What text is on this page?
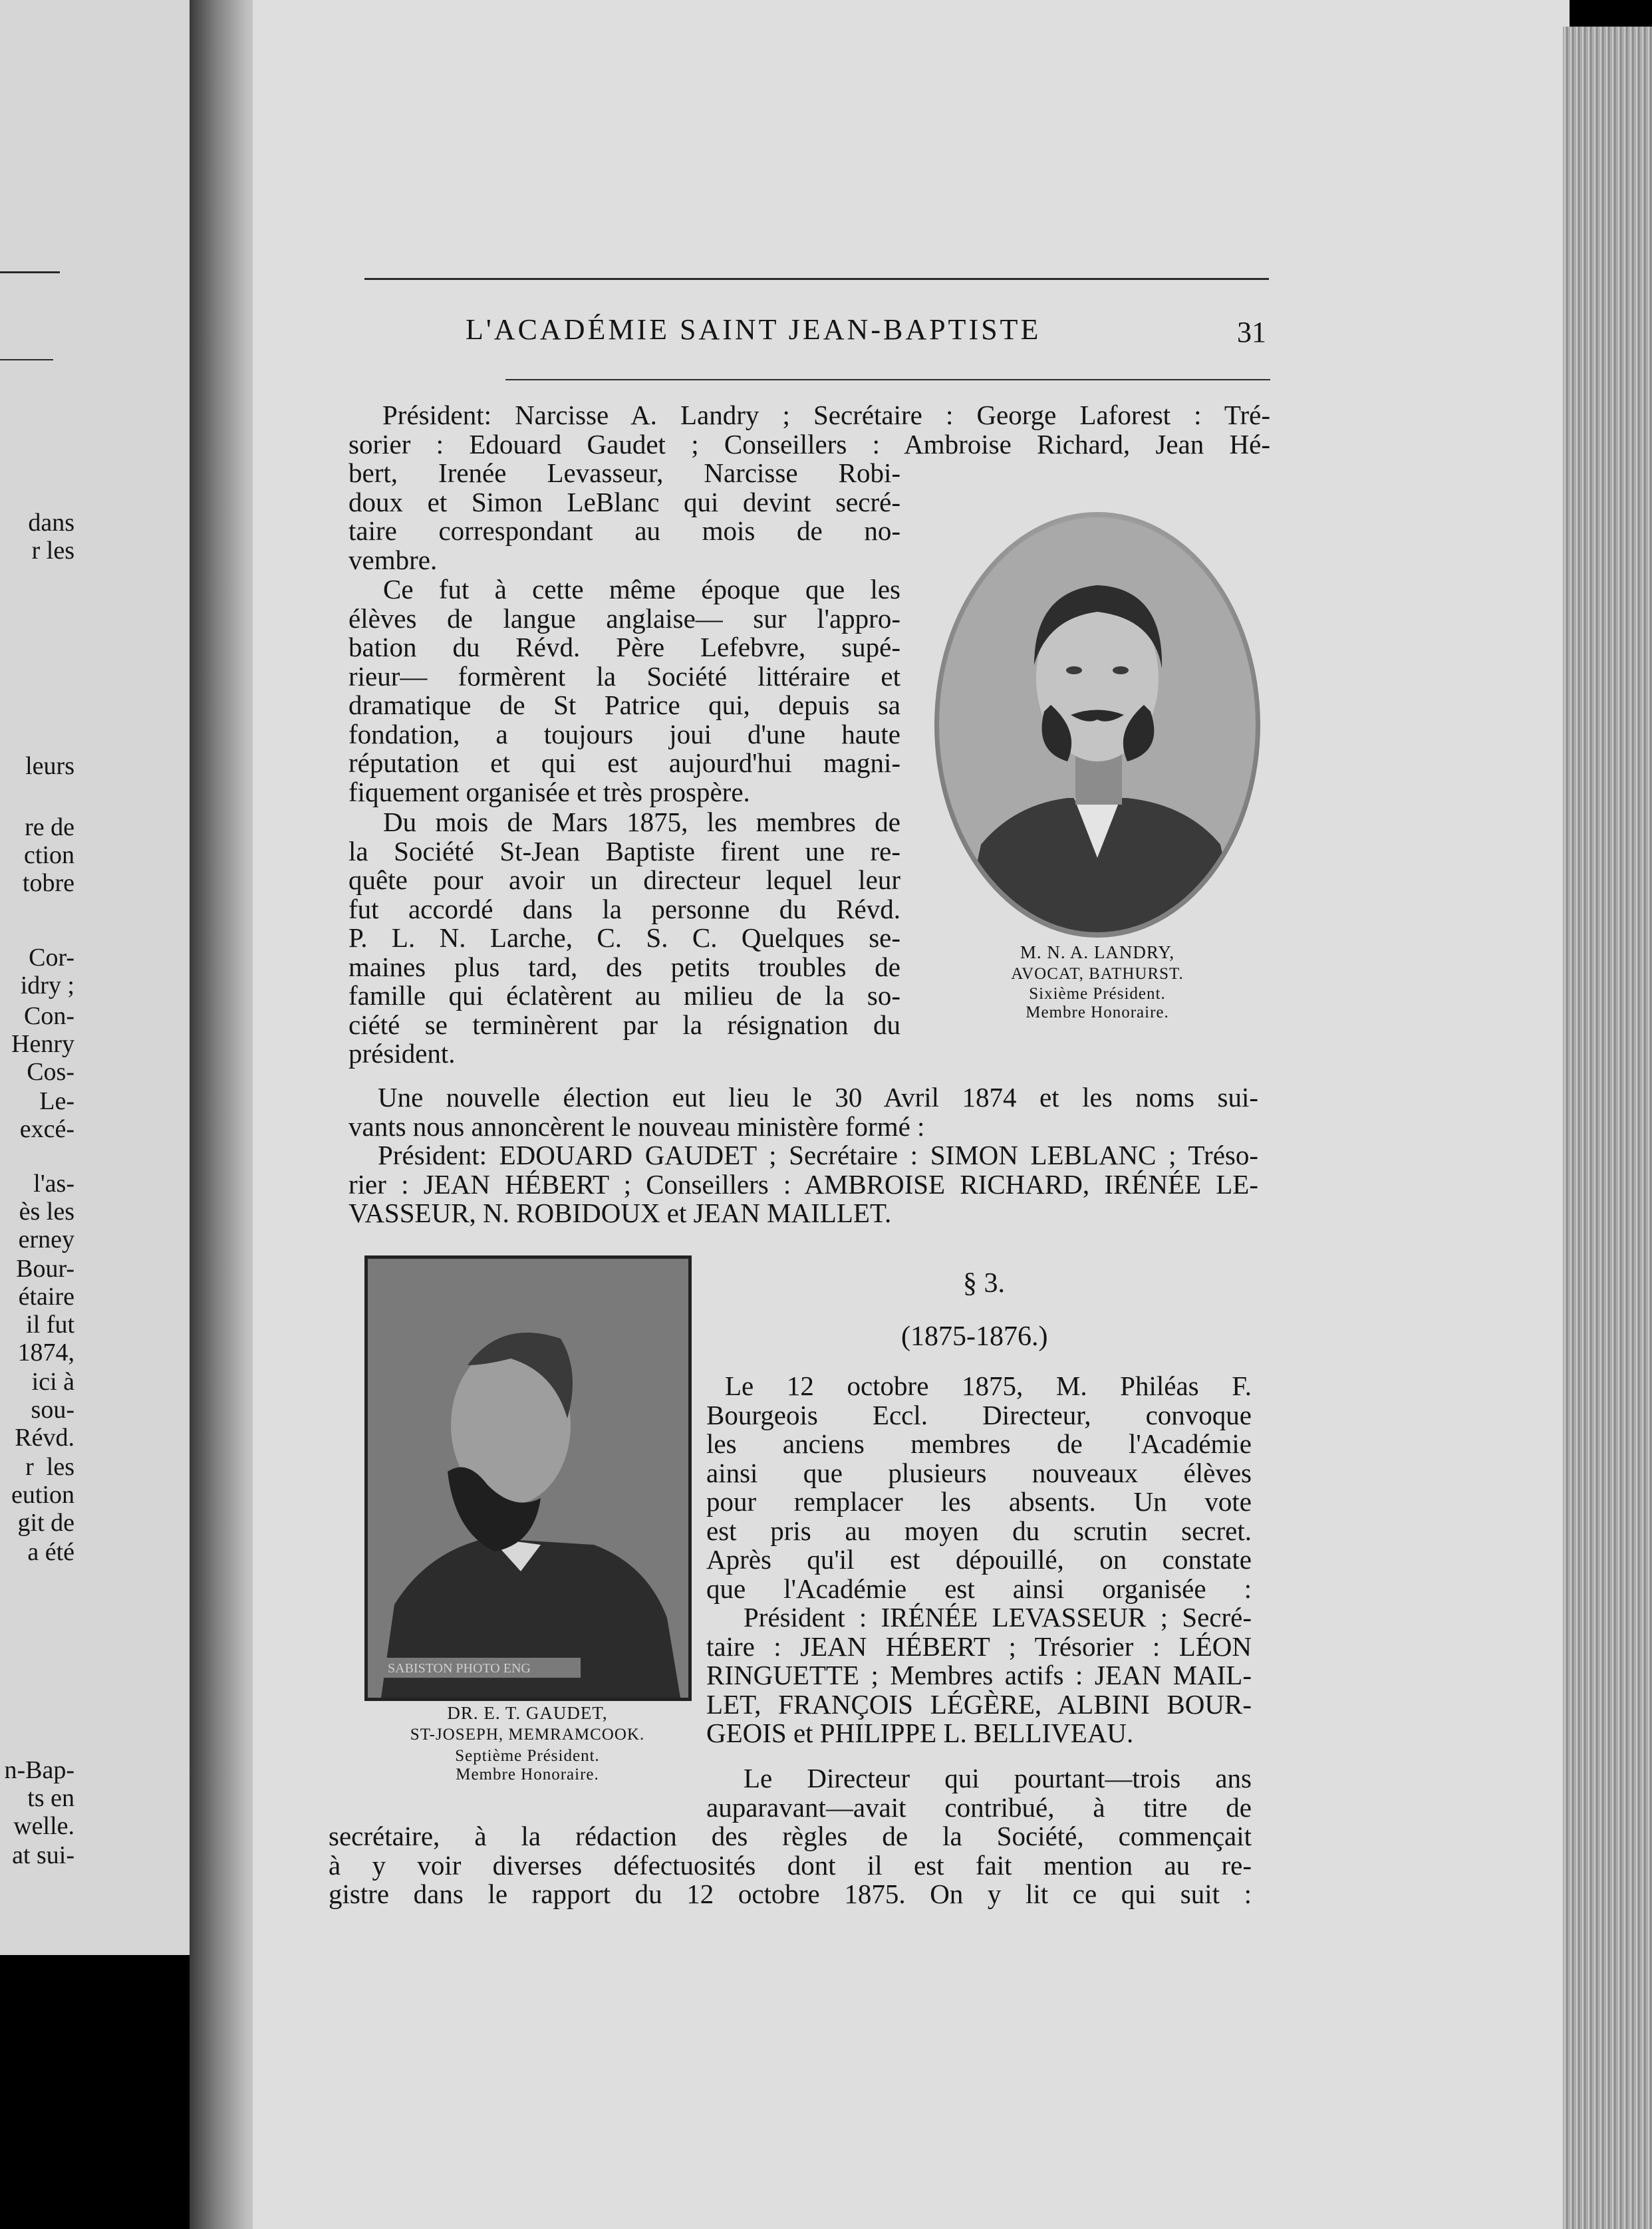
dans
r les
leurs
re de
ction
tobre
Cor-
idry ;
Con-
Henry
Cos-
Le-
excé-
l'as-
ès les
erney
Bour-
étaire
il fut
1874,
ici à
sou-
Révd.
r  les
eution
git de
a été
n-Bap-
ts en
welle.
at sui-
L'ACADÉMIE SAINT JEAN-BAPTISTE	31
Président: Narcisse A. Landry ; Secrétaire : George Laforest : Tré-
sorier : Edouard Gaudet ; Conseillers : Ambroise Richard, Jean Hé-
bert, Irenée Levasseur, Narcisse Robi-
doux et Simon LeBlanc qui devint secré-
taire correspondant au mois de no-
vembre.
Ce fut à cette même époque que les
élèves de langue anglaise— sur l'appro-
bation du Révd. Père Lefebvre, supé-
rieur— formèrent la Société littéraire et
dramatique de St Patrice qui, depuis sa
fondation, a toujours joui d'une haute
réputation et qui est aujourd'hui magni-
fiquement organisée et très prospère.
Du mois de Mars 1875, les membres de
la Société St-Jean Baptiste firent une re-
quête pour avoir un directeur lequel leur
fut accordé dans la personne du Révd.
P. L. N. Larche, C. S. C. Quelques se-
maines plus tard, des petits troubles de
famille qui éclatèrent au milieu de la so-
ciété se terminèrent par la résignation du
président.
Une nouvelle élection eut lieu le 30 Avril 1874 et les noms sui-
vants nous annoncèrent le nouveau ministère formé :
Président: EDOUARD GAUDET ; Secrétaire : SIMON LEBLANC ; Tréso-
rier : JEAN HÉBERT ; Conseillers : AMBROISE RICHARD, IRÉNÉE LE-
VASSEUR, N. ROBIDOUX et JEAN MAILLET.
Le 12 octobre 1875, M. Philéas F.
Bourgeois Eccl. Directeur, convoque
les anciens membres de l'Académie
ainsi que plusieurs nouveaux élèves
pour remplacer les absents. Un vote
est pris au moyen du scrutin secret.
Après qu'il est dépouillé, on constate
que l'Académie est ainsi organisée :
Président : IRÉNÉE LEVASSEUR ; Secré-
taire : JEAN HÉBERT ; Trésorier : LÉON
RINGUETTE ; Membres actifs : JEAN MAIL-
LET, FRANÇOIS LÉGÈRE, ALBINI BOUR-
GEOIS et PHILIPPE L. BELLIVEAU.
Le Directeur qui pourtant—trois ans
auparavant—avait contribué, à titre de
secrétaire, à la rédaction des règles de la Société, commençait
à y voir diverses défectuosités dont il est fait mention au re-
gistre dans le rapport du 12 octobre 1875. On y lit ce qui suit :
M. N. A. LANDRY,
AVOCAT, BATHURST.
Sixième Président.
Membre Honoraire.
SABISTON PHOTO ENG
DR. E. T. GAUDET,
ST-JOSEPH, MEMRAMCOOK.
Septième Président.
Membre Honoraire.
§ 3.
(1875-1876.)
